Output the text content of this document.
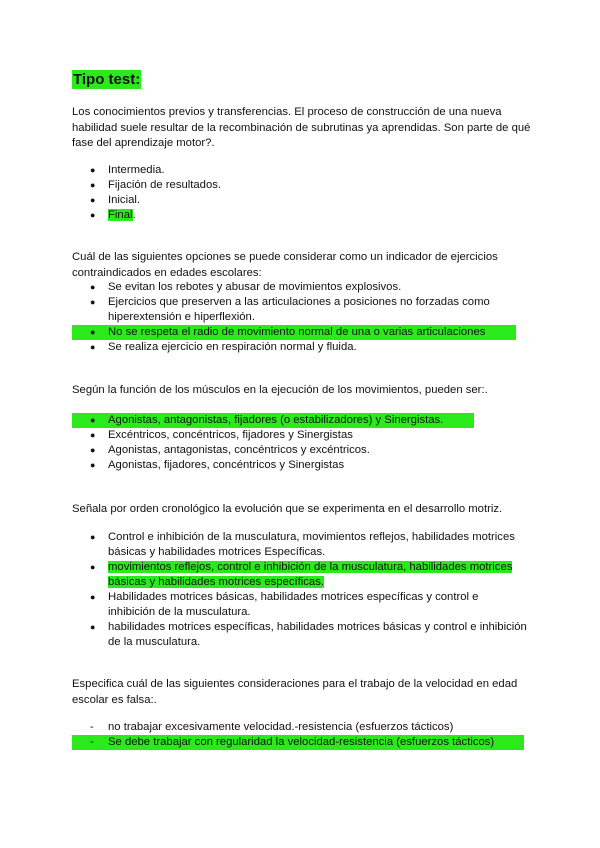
Tipo test:

Los conocimientos previos y transferencias. El proceso de construcción de una nueva habilidad suele resultar de la recombinación de subrutinas ya aprendidas. Son parte de qué fase del aprendizaje motor?.

● Intermedia.
● Fijación de resultados.
● Inicial.
● Final.

Cuál de las siguientes opciones se puede considerar como un indicador de ejercicios contraindicados en edades escolares:

● Se evitan los rebotes y abusar de movimientos explosivos.
● Ejercicios que preserven a las articulaciones a posiciones no forzadas como hiperextensión e hiperflexión.
● No se respeta el radio de movimiento normal de una o varias articulaciones
● Se realiza ejercicio en respiración normal y fluida.

Según la función de los músculos en la ejecución de los movimientos, pueden ser:.

● Agonistas, antagonistas, fijadores (o estabilizadores) y Sinergistas.
● Excéntricos, concéntricos, fijadores y Sinergistas
● Agonistas, antagonistas, concéntricos y excéntricos.
● Agonistas, fijadores, concéntricos y Sinergistas

Señala por orden cronológico la evolución que se experimenta en el desarrollo motriz.

● Control e inhibición de la musculatura, movimientos reflejos, habilidades motrices básicas y habilidades motrices Específicas.
● movimientos reflejos, control e inhibición de la musculatura, habilidades motrices básicas y habilidades motrices específicas.
● Habilidades motrices básicas, habilidades motrices específicas y control e inhibición de la musculatura.
● habilidades motrices específicas, habilidades motrices básicas y control e inhibición de la musculatura.

Especifica cuál de las siguientes consideraciones para el trabajo de la velocidad en edad escolar es falsa:.

- no trabajar excesivamente velocidad.-resistencia (esfuerzos tácticos)
- Se debe trabajar con regularidad la velocidad-resistencia (esfuerzos tácticos)
